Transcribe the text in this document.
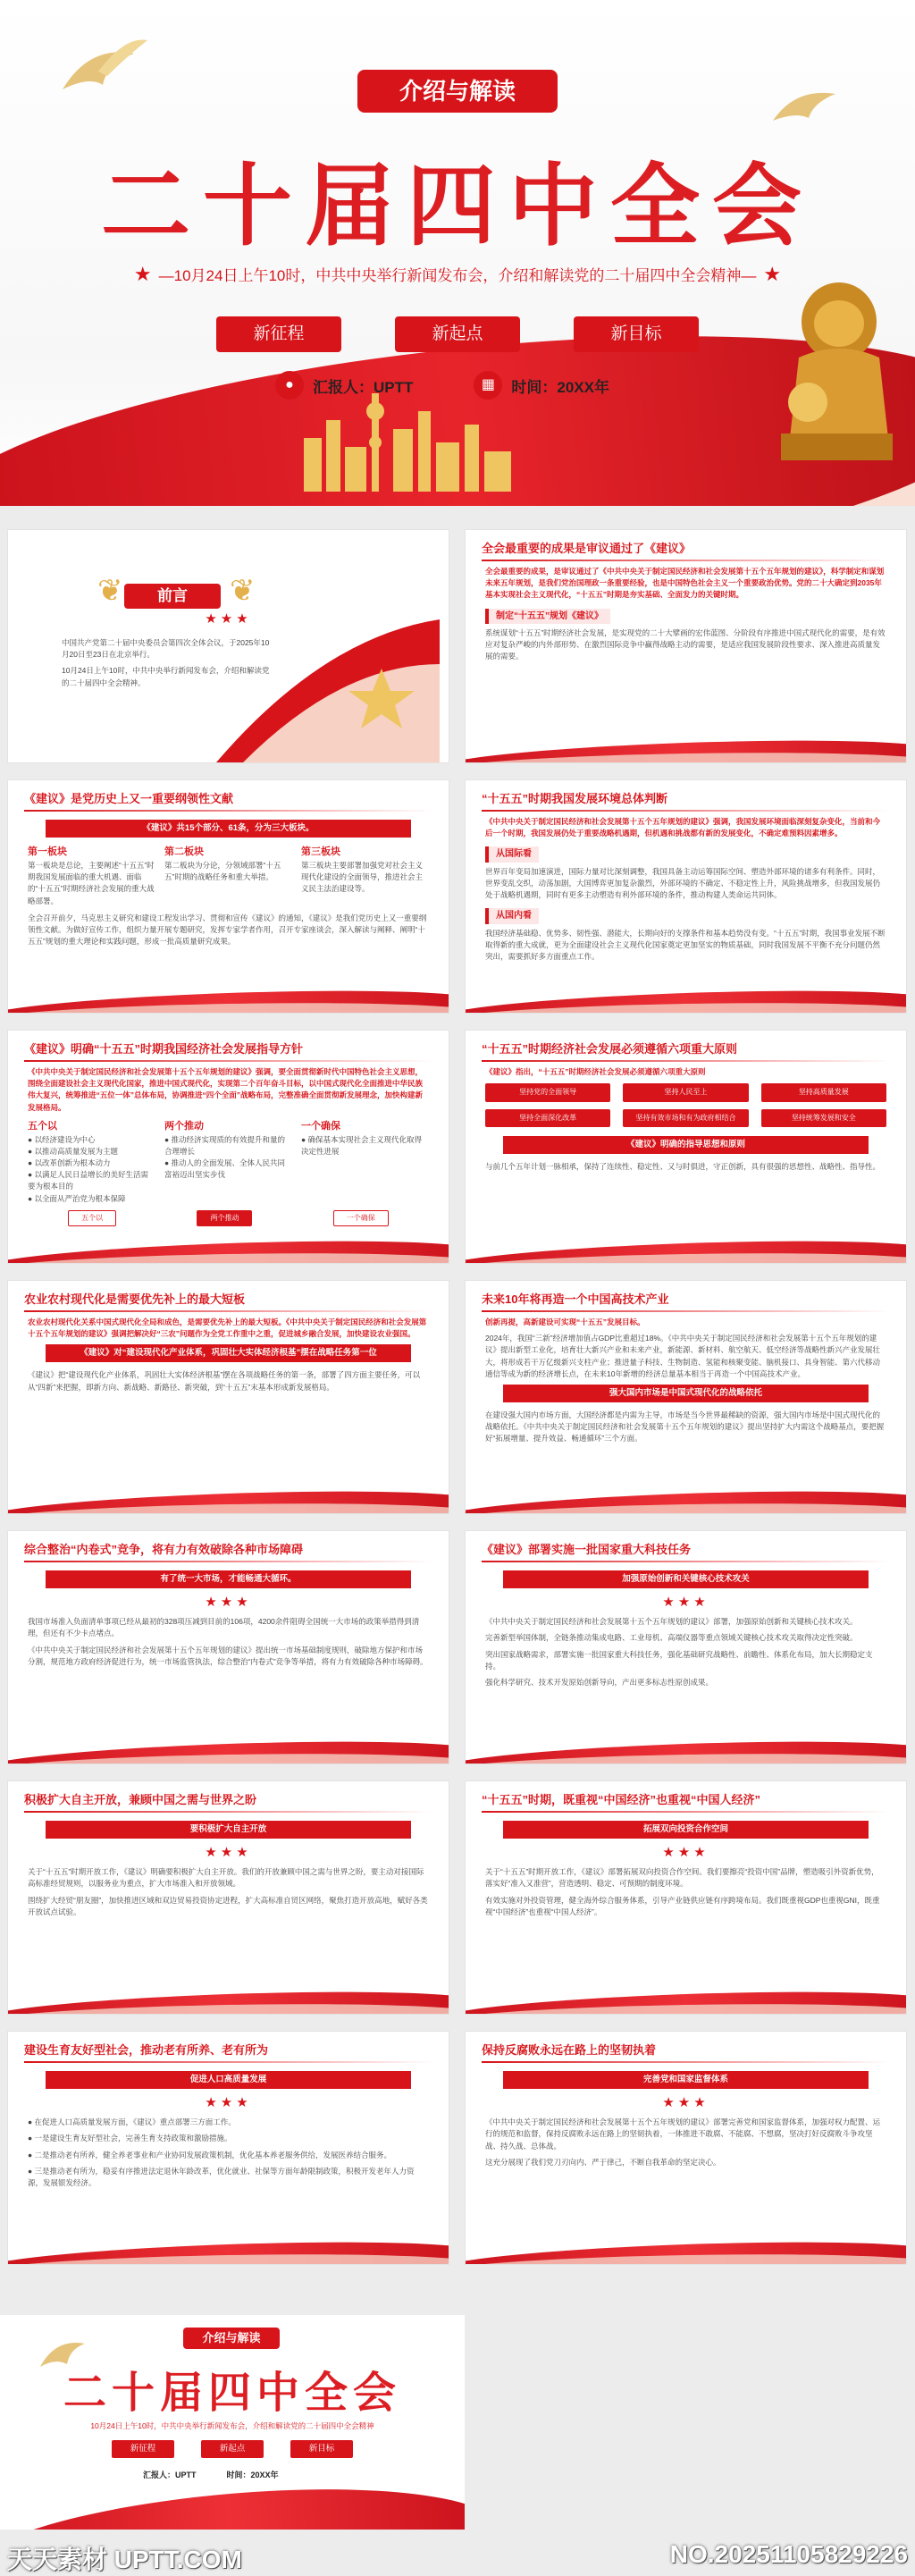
介绍与解读
二十届四中全会
★ —10月24日上午10时，中共中央举行新闻发布会，介绍和解读党的二十届四中全会精神— ★
新征程	新起点	新目标
●	汇报人：UPTT	▦	时间：20XX年
❦	❦
前言
★★★

中国共产党第二十届中央委员会第四次全体会议，于2025年10月20日至23日在北京举行。

10月24日上午10时，中共中央举行新闻发布会，介绍和解读党的二十届四中全会精神。

全会最重要的成果是审议通过了《建议》

全会最重要的成果，是审议通过了《中共中央关于制定国民经济和社会发展第十五个五年规划的建议》，科学制定和谋划未来五年规划，是我们党治国理政一条重要经验，也是中国特色社会主义一个重要政治优势。党的二十大确定到2035年基本实现社会主义现代化，“十五五”时期是夯实基础、全面发力的关键时期。

制定“十五五”规划《建议》

系统谋划“十五五”时期经济社会发展，是实现党的二十大擘画的宏伟蓝图、分阶段有序推进中国式现代化的需要，是有效应对复杂严峻的内外部形势、在激烈国际竞争中赢得战略主动的需要，是适应我国发展阶段性要求、深入推进高质量发展的需要。

《建议》是党历史上又一重要纲领性文献
《建议》共15个部分、61条，分为三大板块。
第一板块
第一板块是总论，主要阐述“十五五”时期我国发展面临的重大机遇、面临的“十五五”时期经济社会发展的重大战略部署。
第二板块
第二板块为分论，分领域部署“十五五”时期的战略任务和重大举措。
第三板块
第三板块主要部署加强党对社会主义现代化建设的全面领导，推进社会主义民主法治建设等。

全会召开前夕，马克思主义研究和建设工程发出学习、贯彻和宣传《建议》的通知，《建议》是我们党历史上又一重要纲领性文献。为做好宣传工作，组织力量开展专题研究，发挥专家学者作用，召开专家座谈会，深入解读与阐释、阐明“十五五”规划的重大理论和实践问题，形成一批高质量研究成果。

“十五五”时期我国发展环境总体判断

《中共中央关于制定国民经济和社会发展第十五个五年规划的建议》强调，我国发展环境面临深刻复杂变化，当前和今后一个时期，我国发展仍处于重要战略机遇期，但机遇和挑战都有新的发展变化，不确定难预料因素增多。

从国际看

世界百年变局加速演进，国际力量对比深刻调整，我国具备主动运筹国际空间、塑造外部环境的诸多有利条件。同时，世界变乱交织，动荡加剧，大国博弈更加复杂激烈，外部环境的不确定、不稳定性上升，风险挑战增多，但我国发展仍处于战略机遇期，同时有更多主动塑造有利外部环境的条件，推动构建人类命运共同体。

从国内看

我国经济基础稳、优势多、韧性强、潜能大，长期向好的支撑条件和基本趋势没有变。“十五五”时期，我国事业发展不断取得新的重大成就，更为全面建设社会主义现代化国家奠定更加坚实的物质基础，同时我国发展不平衡不充分问题仍然突出，需要抓好多方面重点工作。

《建议》明确“十五五”时期我国经济社会发展指导方针

《中共中央关于制定国民经济和社会发展第十五个五年规划的建议》强调，要全面贯彻新时代中国特色社会主义思想，围绕全面建设社会主义现代化国家，推进中国式现代化，实现第二个百年奋斗目标，以中国式现代化全面推进中华民族伟大复兴，统筹推进“五位一体”总体布局，协调推进“四个全面”战略布局，完整准确全面贯彻新发展理念，加快构建新发展格局。

五个以
● 以经济建设为中心
● 以推动高质量发展为主题
● 以改革创新为根本动力
● 以满足人民日益增长的美好生活需要为根本目的
● 以全面从严治党为根本保障
两个推动
● 推动经济实现质的有效提升和量的合理增长
● 推动人的全面发展、全体人民共同富裕迈出坚实步伐
一个确保
● 确保基本实现社会主义现代化取得决定性进展
五个以	两个推动	一个确保
“十五五”时期经济社会发展必须遵循六项重大原则

《建议》指出，“十五五”时期经济社会发展必须遵循六项重大原则

坚持党的全面领导	坚持人民至上	坚持高质量发展
坚持全面深化改革	坚持有效市场和有为政府相结合	坚持统筹发展和安全
《建议》明确的指导思想和原则

与前几个五年计划一脉相承，保持了连续性、稳定性、又与时俱进，守正创新，具有很强的思想性、战略性、指导性。

农业农村现代化是需要优先补上的最大短板

农业农村现代化关系中国式现代化全局和成色，是需要优先补上的最大短板。《中共中央关于制定国民经济和社会发展第十五个五年规划的建议》强调把解决好“三农”问题作为全党工作重中之重，促进城乡融合发展，加快建设农业强国。

《建议》对“建设现代化产业体系，巩固壮大实体经济根基”摆在战略任务第一位

《建议》把“建设现代化产业体系，巩固壮大实体经济根基”摆在各项战略任务的第一条，部署了四方面主要任务，可以从“四新”来把握，即新方向、新战略、新路径、新突破，到“十五五”末基本形成新发展格局。

未来10年将再造一个中国高技术产业

创新再提，高新建设可实现“十五五”发展目标。

2024年，我国“三新”经济增加值占GDP比重超过18%。《中共中央关于制定国民经济和社会发展第十五个五年规划的建议》提出新型工业化，培育壮大新兴产业和未来产业，新能源、新材料、航空航天、低空经济等战略性新兴产业发展壮大，将形成若干万亿级新兴支柱产业；推进量子科技、生物制造、氢能和核聚变能、脑机接口、具身智能、第六代移动通信等成为新的经济增长点，在未来10年新增的经济总量基本相当于再造一个中国高技术产业。

强大国内市场是中国式现代化的战略依托

在建设强大国内市场方面，大国经济都是内需为主导，市场是当今世界最稀缺的资源，强大国内市场是中国式现代化的战略依托。《中共中央关于制定国民经济和社会发展第十五个五年规划的建议》提出坚持扩大内需这个战略基点，要把握好“拓展增量、提升效益、畅通循环”三个方面。

综合整治“内卷式”竞争，将有力有效破除各种市场障碍
有了统一大市场，才能畅通大循环。
★★★

我国市场准入负面清单事项已经从最初的328项压减到目前的106项，4200余件阻碍全国统一大市场的政策举措得到清理，但还有不少卡点堵点。

《中共中央关于制定国民经济和社会发展第十五个五年规划的建议》提出统一市场基础制度规则，破除地方保护和市场分割，规范地方政府经济促进行为，统一市场监管执法，综合整治“内卷式”竞争等举措，将有力有效破除各种市场障碍。

《建议》部署实施一批国家重大科技任务
加强原始创新和关键核心技术攻关
★★★

《中共中央关于制定国民经济和社会发展第十五个五年规划的建议》部署，加强原始创新和关键核心技术攻关。

完善新型举国体制，全链条推动集成电路、工业母机、高端仪器等重点领域关键核心技术攻关取得决定性突破。

突出国家战略需求，部署实施一批国家重大科技任务，强化基础研究战略性、前瞻性、体系化布局，加大长期稳定支持。

强化科学研究、技术开发原始创新导向，产出更多标志性原创成果。

积极扩大自主开放，兼顾中国之需与世界之盼
要积极扩大自主开放
★★★

关于“十五五”时期开放工作，《建议》明确要积极扩大自主开放。我们的开放兼顾中国之需与世界之盼，要主动对接国际高标准经贸规则，以服务业为重点，扩大市场准入和开放领域。

围绕扩大经贸“朋友圈”，加快推进区域和双边贸易投资协定进程，扩大高标准自贸区网络，聚焦打造开放高地，赋好各类开放试点试验。

“十五五”时期，既重视“中国经济”也重视“中国人经济”
拓展双向投资合作空间
★★★

关于“十五五”时期开放工作，《建议》部署拓展双向投资合作空间。我们要擦亮“投资中国”品牌，塑造吸引外资新优势，落实好“准入又准营”，营造透明、稳定、可预期的制度环境。

有效实施对外投资管理，健全海外综合服务体系，引导产业链供应链有序跨境布局。我们既重视GDP也重视GNI，既重视“中国经济”也重视“中国人经济”。

建设生育友好型社会，推动老有所养、老有所为
促进人口高质量发展
★★★

● 在促进人口高质量发展方面，《建议》重点部署三方面工作。

● 一是建设生育友好型社会，完善生育支持政策和激励措施。

● 二是推动老有所养，健全养老事业和产业协同发展政策机制，优化基本养老服务供给，发展医养结合服务。

● 三是推动老有所为，稳妥有序推进法定退休年龄改革，优化就业、社保等方面年龄限制政策，积极开发老年人力资源，发展银发经济。

保持反腐败永远在路上的坚韧执着
完善党和国家监督体系
★★★

《中共中央关于制定国民经济和社会发展第十五个五年规划的建议》部署完善党和国家监督体系，加强对权力配置、运行的规范和监督，保持反腐败永远在路上的坚韧执着，一体推进不敢腐、不能腐、不想腐，坚决打好反腐败斗争攻坚战、持久战、总体战。

这充分展现了我们党刀刃向内、严于律己，不断自我革命的坚定决心。

介绍与解读
二十届四中全会
10月24日上午10时，中共中央举行新闻发布会，介绍和解读党的二十届四中全会精神
新征程	新起点	新目标
汇报人：UPTT	时间：20XX年
天天素材 UPTT.COM	NO.20251105829226
